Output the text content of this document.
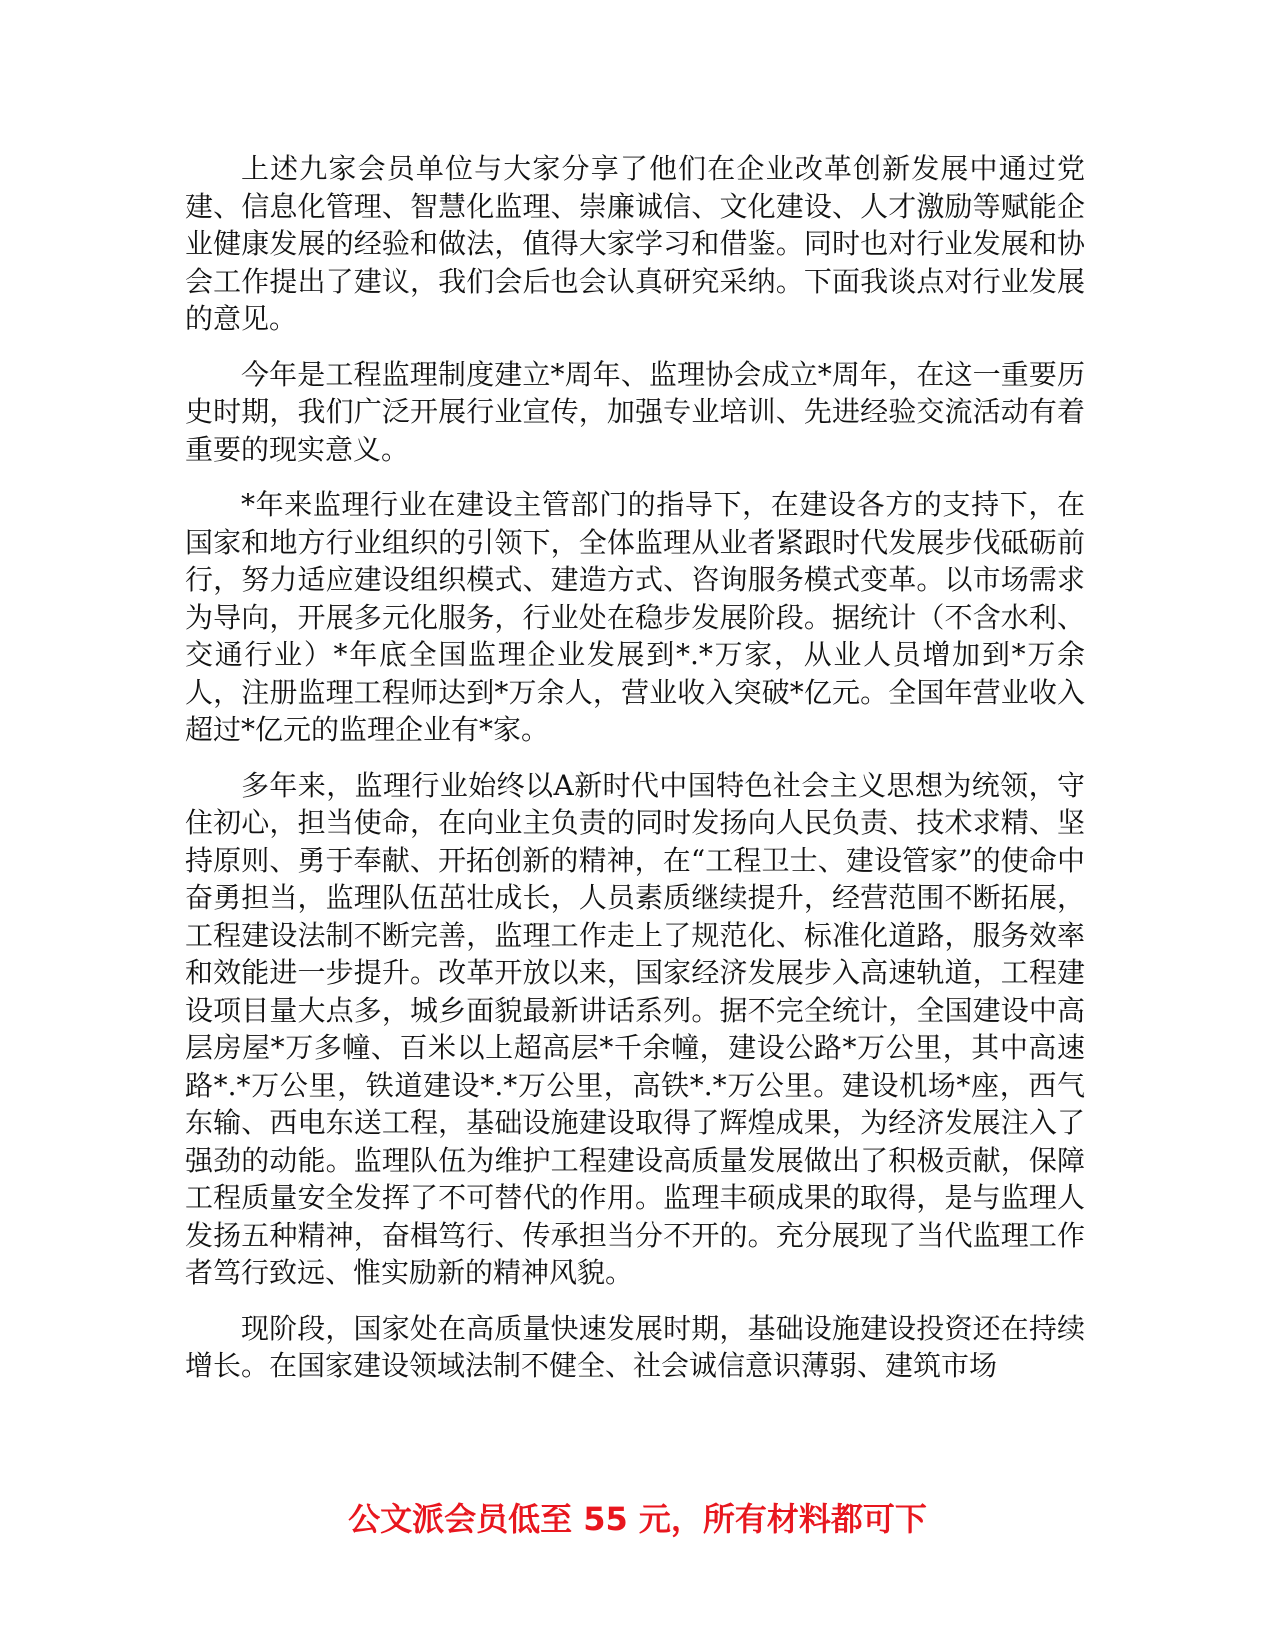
上述九家会员单位与大家分享了他们在企业改革创新发展中通过党建、信息化管理、智慧化监理、崇廉诚信、文化建设、人才激励等赋能企业健康发展的经验和做法，值得大家学习和借鉴。同时也对行业发展和协会工作提出了建议，我们会后也会认真研究采纳。下面我谈点对行业发展的意见。

今年是工程监理制度建立*周年、监理协会成立*周年，在这一重要历史时期，我们广泛开展行业宣传，加强专业培训、先进经验交流活动有着重要的现实意义。

*年来监理行业在建设主管部门的指导下，在建设各方的支持下，在国家和地方行业组织的引领下，全体监理从业者紧跟时代发展步伐砥砺前行，努力适应建设组织模式、建造方式、咨询服务模式变革。以市场需求为导向，开展多元化服务，行业处在稳步发展阶段。据统计（不含水利、交通行业）*年底全国监理企业发展到*.*万家，从业人员增加到*万余人，注册监理工程师达到*万余人，营业收入突破*亿元。全国年营业收入超过*亿元的监理企业有*家。

多年来，监理行业始终以A新时代中国特色社会主义思想为统领，守住初心，担当使命，在向业主负责的同时发扬向人民负责、技术求精、坚持原则、勇于奉献、开拓创新的精神，在“工程卫士、建设管家”的使命中奋勇担当，监理队伍茁壮成长，人员素质继续提升，经营范围不断拓展，工程建设法制不断完善，监理工作走上了规范化、标准化道路，服务效率和效能进一步提升。改革开放以来，国家经济发展步入高速轨道，工程建设项目量大点多，城乡面貌最新讲话系列。据不完全统计，全国建设中高层房屋*万多幢、百米以上超高层*千余幢，建设公路*万公里，其中高速路*.*万公里，铁道建设*.*万公里，高铁*.*万公里。建设机场*座，西气东输、西电东送工程，基础设施建设取得了辉煌成果，为经济发展注入了强劲的动能。监理队伍为维护工程建设高质量发展做出了积极贡献，保障工程质量安全发挥了不可替代的作用。监理丰硕成果的取得，是与监理人发扬五种精神，奋楫笃行、传承担当分不开的。充分展现了当代监理工作者笃行致远、惟实励新的精神风貌。

现阶段，国家处在高质量快速发展时期，基础设施建设投资还在持续增长。在国家建设领域法制不健全、社会诚信意识薄弱、建筑市场

公文派会员低至 55 元，所有材料都可下
